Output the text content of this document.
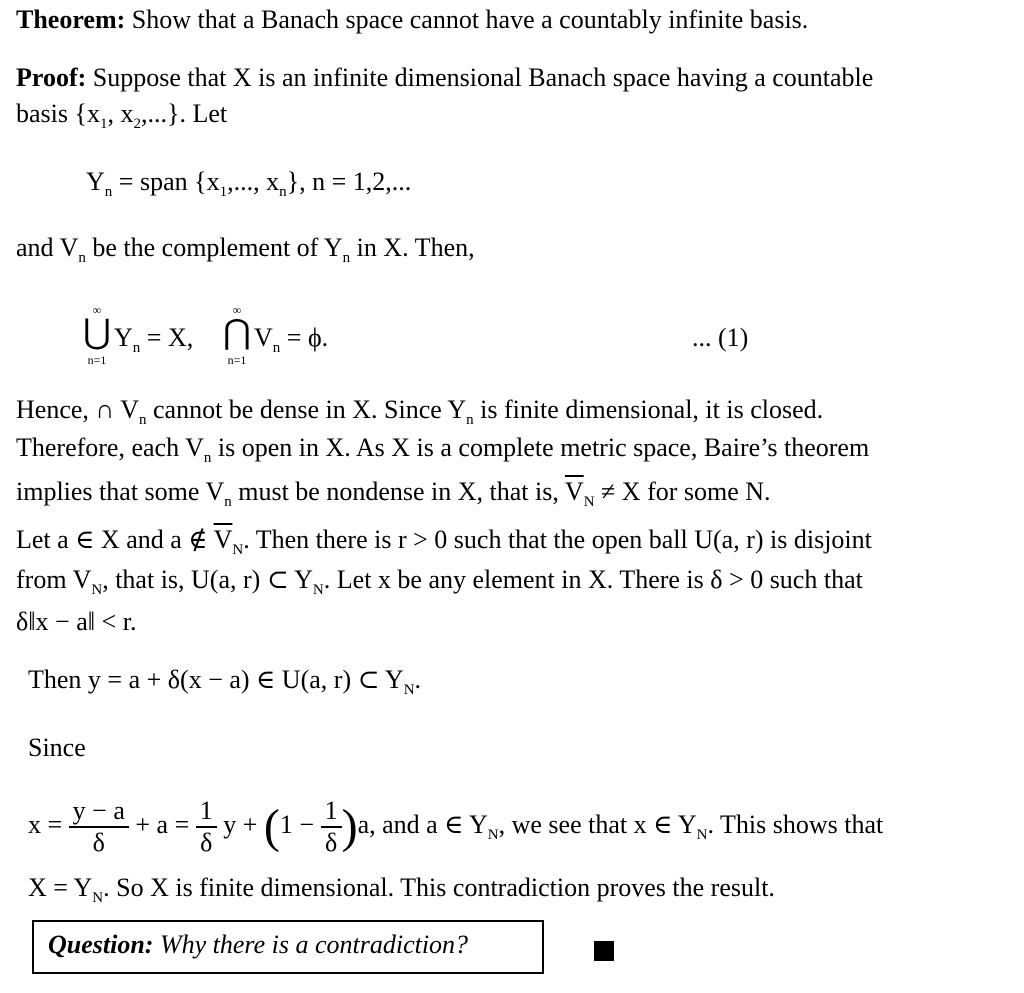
Theorem: Show that a Banach space cannot have a countably infinite basis.
Proof: Suppose that X is an infinite dimensional Banach space having a countable
basis {$x_1$, $x_2$,...}. Let
$Y_n$ = span {$x_1$,..., $x_n$}, n = 1,2,...
and $V_n$ be the complement of $Y_n$ in X. Then,
∞
⋃
n=1
$Y_n = X$,
∞
⋂
n=1
$V_n = \phi$.	... (1)
Hence, ∩ $V_n$ cannot be dense in X. Since $Y_n$ is finite dimensional, it is closed.
Therefore, each $V_n$ is open in X. As X is a complete metric space, Baire’s theorem
implies that some $V_n$ must be nondense in X, that is, $\overline{V}_N \ne X$ for some N.
Let a ∈ X and a ∉ $\overline{V}_N$. Then there is r > 0 such that the open ball U(a, r) is disjoint
from $V_N$, that is, U(a, r) ⊂ $Y_N$. Let x be any element in X. There is δ > 0 such that
δ‖x − a‖ < r.
Then y = a + δ(x − a) ∈ U(a, r) ⊂ $Y_N$.
Since
$x = \frac{y - a}{\delta} + a = \frac{1}{\delta}$ $y + (1 - \frac{1}{\delta} )a$, and a ∈ $Y_N$, we see that x ∈ $Y_N$. This shows that
$X = Y_N$. So X is finite dimensional. This contradiction proves the result.
Question: Why there is a contradiction?
